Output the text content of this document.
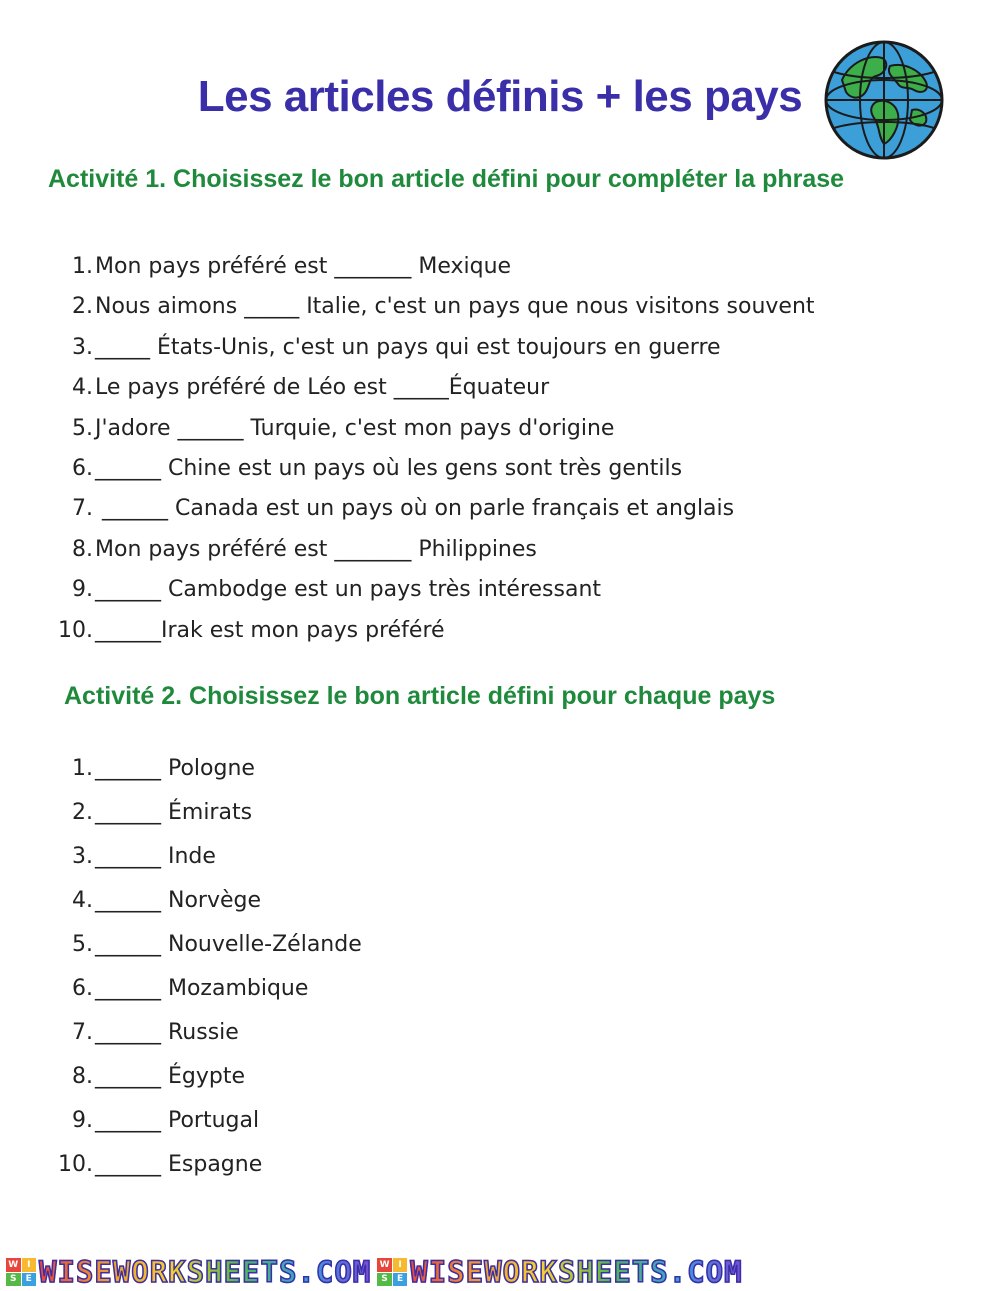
Les articles définis + les pays
Activité 1. Choisissez le bon article défini pour compléter la phrase
1. Mon pays préféré est _______ Mexique
2. Nous aimons _____ Italie, c'est un pays que nous visitons souvent
3. _____ États-Unis, c'est un pays qui est toujours en guerre
4. Le pays préféré de Léo est _____Équateur
5. J'adore ______ Turquie, c'est mon pays d'origine
6. ______ Chine est un pays où les gens sont très gentils
7. ______ Canada est un pays où on parle français et anglais
8. Mon pays préféré est _______ Philippines
9. ______ Cambodge est un pays très intéressant
10. ______Irak est mon pays préféré
Activité 2. Choisissez le bon article défini pour chaque pays
1. ______ Pologne
2. ______ Émirats
3. ______ Inde
4. ______ Norvège
5. ______ Nouvelle-Zélande
6. ______ Mozambique
7. ______ Russie
8. ______ Égypte
9. ______ Portugal
10. ______ Espagne
W I
S	E WISEWORKSHEETS.COM W I
S	E WISEWORKSHEETS.COM
